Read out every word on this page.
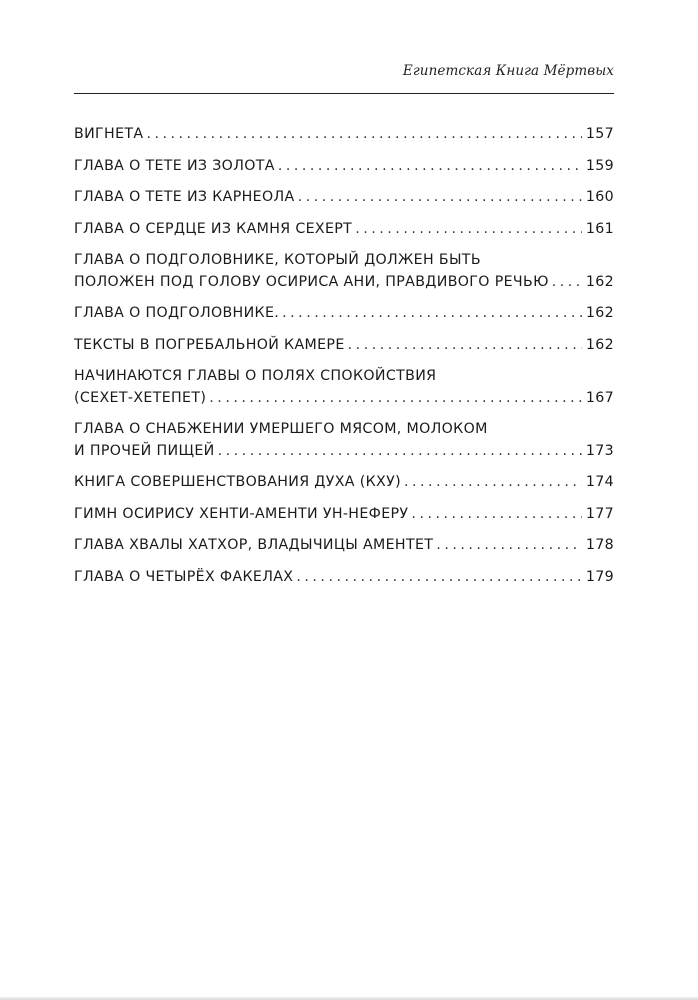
Египетская Книга Мёртвых
ВИГНЕТА . . .	157
ГЛАВА О ТЕТЕ ИЗ ЗОЛОТА . . .	159
ГЛАВА О ТЕТЕ ИЗ КАРНЕОЛА . . .	160
ГЛАВА О СЕРДЦЕ ИЗ КАМНЯ СЕХЕРТ . . .	161
ГЛАВА О ПОДГОЛОВНИКЕ, КОТОРЫЙ ДОЛЖЕН БЫТЬ
ПОЛОЖЕН ПОД ГОЛОВУ ОСИРИСА АНИ, ПРАВДИВОГО РЕЧЬЮ . . .	162
ГЛАВА О ПОДГОЛОВНИКЕ. . . .	162
ТЕКСТЫ В ПОГРЕБАЛЬНОЙ КАМЕРЕ . . .	162
НАЧИНАЮТСЯ ГЛАВЫ О ПОЛЯХ СПОКОЙСТВИЯ
(СЕХЕТ-ХЕТЕПЕТ) . . .	167
ГЛАВА О СНАБЖЕНИИ УМЕРШЕГО МЯСОМ, МОЛОКОМ
И ПРОЧЕЙ ПИЩЕЙ . . .	173
КНИГА СОВЕРШЕНСТВОВАНИЯ ДУХА (КХУ) . . .	174
ГИМН ОСИРИСУ ХЕНТИ-АМЕНТИ УН-НЕФЕРУ . . .	177
ГЛАВА ХВАЛЫ ХАТХОР, ВЛАДЫЧИЦЫ АМЕНТЕТ . . .	178
ГЛАВА О ЧЕТЫРЁХ ФАКЕЛАХ . . .	179
